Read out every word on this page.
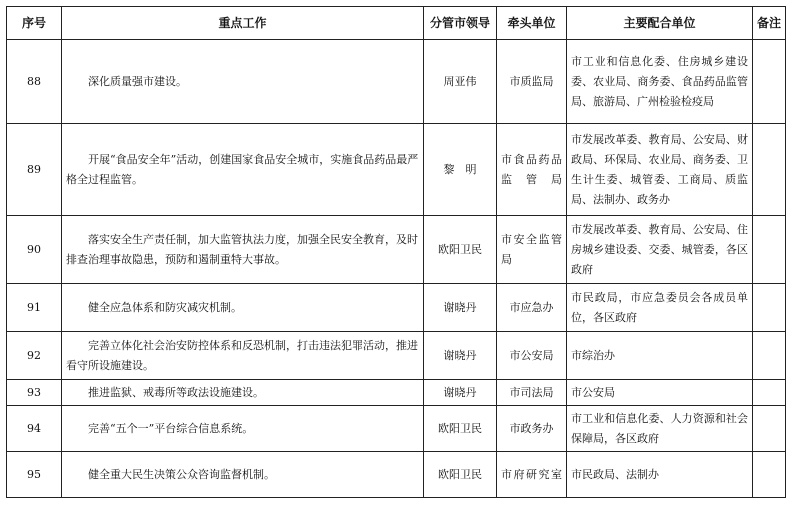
序号	重点工作	分管市领导	牵头单位	主要配合单位	备注
88	深化质量强市建设。	周亚伟	市质监局	市工业和信息化委、住房城乡建设委、农业局、商务委、食品药品监管局、旅游局、广州检验检疫局	
89	开展“食品安全年”活动，创建国家食品安全城市，实施食品药品最严格全过程监管。	黎　明	市食品药品监管局	市发展改革委、教育局、公安局、财政局、环保局、农业局、商务委、卫生计生委、城管委、工商局、质监局、法制办、政务办	
90	落实安全生产责任制，加大监管执法力度，加强全民安全教育，及时排查治理事故隐患，预防和遏制重特大事故。	欧阳卫民	市安全监管局	市发展改革委、教育局、公安局、住房城乡建设委、交委、城管委，各区政府	
91	健全应急体系和防灾减灾机制。	谢晓丹	市应急办	市民政局，市应急委员会各成员单位，各区政府	
92	完善立体化社会治安防控体系和反恐机制，打击违法犯罪活动，推进看守所设施建设。	谢晓丹	市公安局	市综治办	
93	推进监狱、戒毒所等政法设施建设。	谢晓丹	市司法局	市公安局	
94	完善“五个一”平台综合信息系统。	欧阳卫民	市政务办	市工业和信息化委、人力资源和社会保障局，各区政府	
95	健全重大民生决策公众咨询监督机制。	欧阳卫民	市府研究室	市民政局、法制办	
